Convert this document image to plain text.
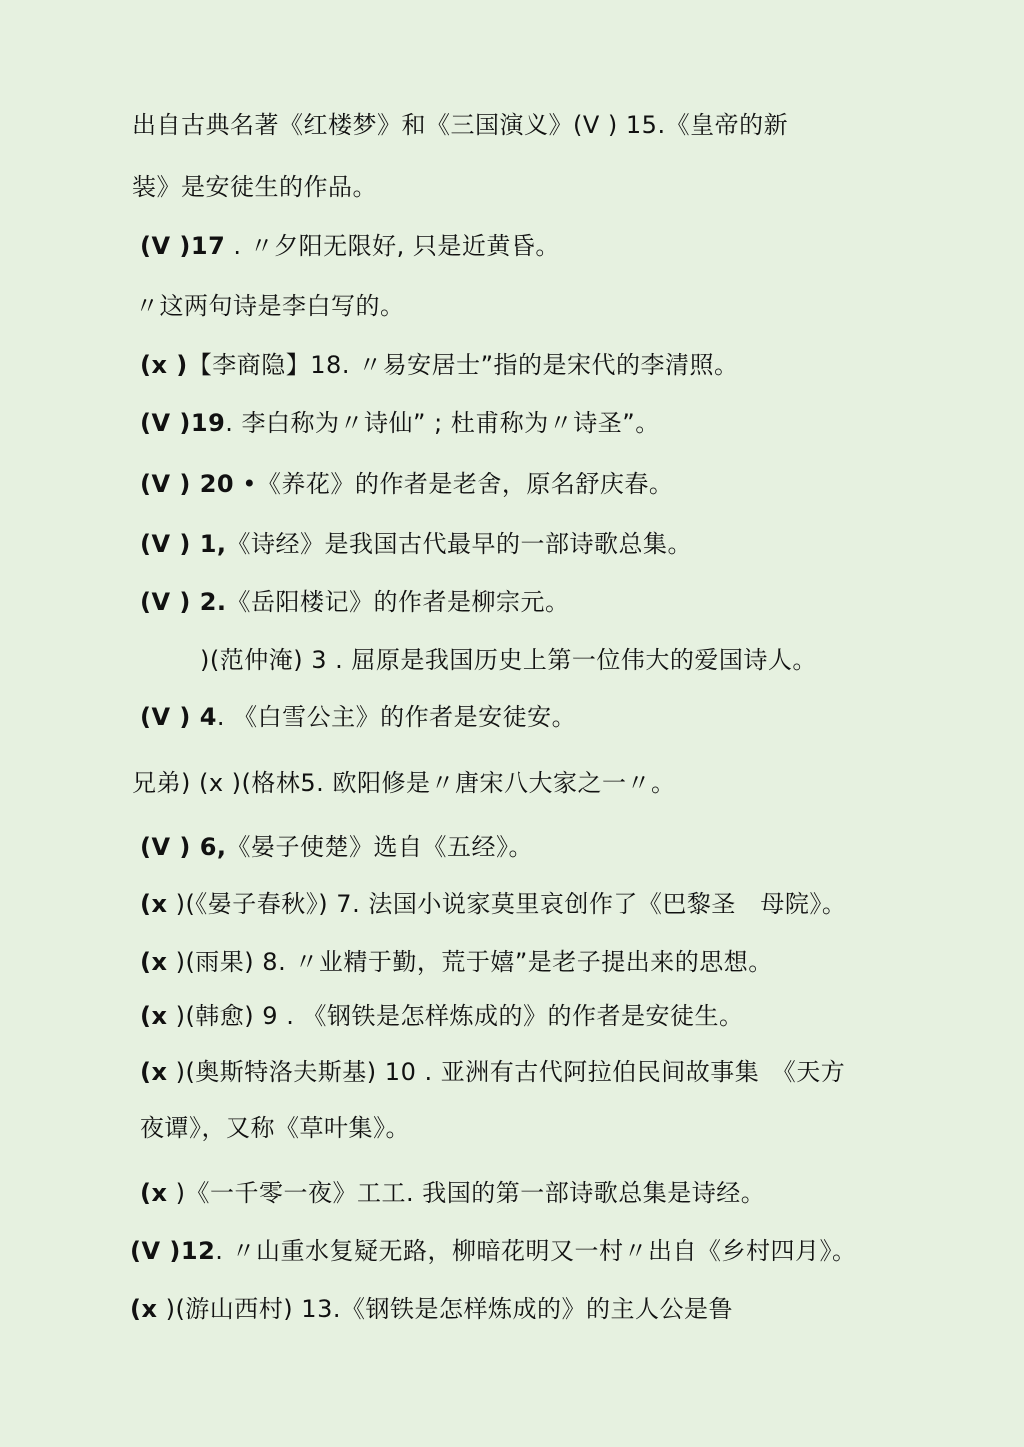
出自古典名著《红楼梦》和《三国演义》(V ) 15.《皇帝的新
装》是安徒生的作品。
(V )17 . 〃夕阳无限好, 只是近黄昏。
〃这两句诗是李白写的。
(x )【李商隐】18. 〃易安居士”指的是宋代的李清照。
(V )19. 李白称为〃诗仙” ; 杜甫称为〃诗圣”。
(V ) 20 •《养花》的作者是老舍，原名舒庆春。
(V ) 1,《诗经》是我国古代最早的一部诗歌总集。
(V ) 2.《岳阳楼记》的作者是柳宗元。
)(范仲淹) 3 . 屈原是我国历史上第一位伟大的爱国诗人。
(V ) 4. 《白雪公主》的作者是安徒安。
兄弟) (x )(格林5. 欧阳修是〃唐宋八大家之一〃。
(V ) 6,《晏子使楚》选自《五经》。
(x )(《晏子春秋》) 7. 法国小说家莫里哀创作了《巴黎圣　母院》。
(x )(雨果) 8. 〃业精于勤，荒于嬉”是老子提出来的思想。
(x )(韩愈) 9 . 《钢铁是怎样炼成的》的作者是安徒生。
(x )(奥斯特洛夫斯基) 10 . 亚洲有古代阿拉伯民间故事集　《天方
夜谭》，又称《草叶集》。
(x )《一千零一夜》工工. 我国的第一部诗歌总集是诗经。
(V )12. 〃山重水复疑无路，柳暗花明又一村〃出自《乡村四月》。
(x )(游山西村) 13.《钢铁是怎样炼成的》的主人公是鲁
